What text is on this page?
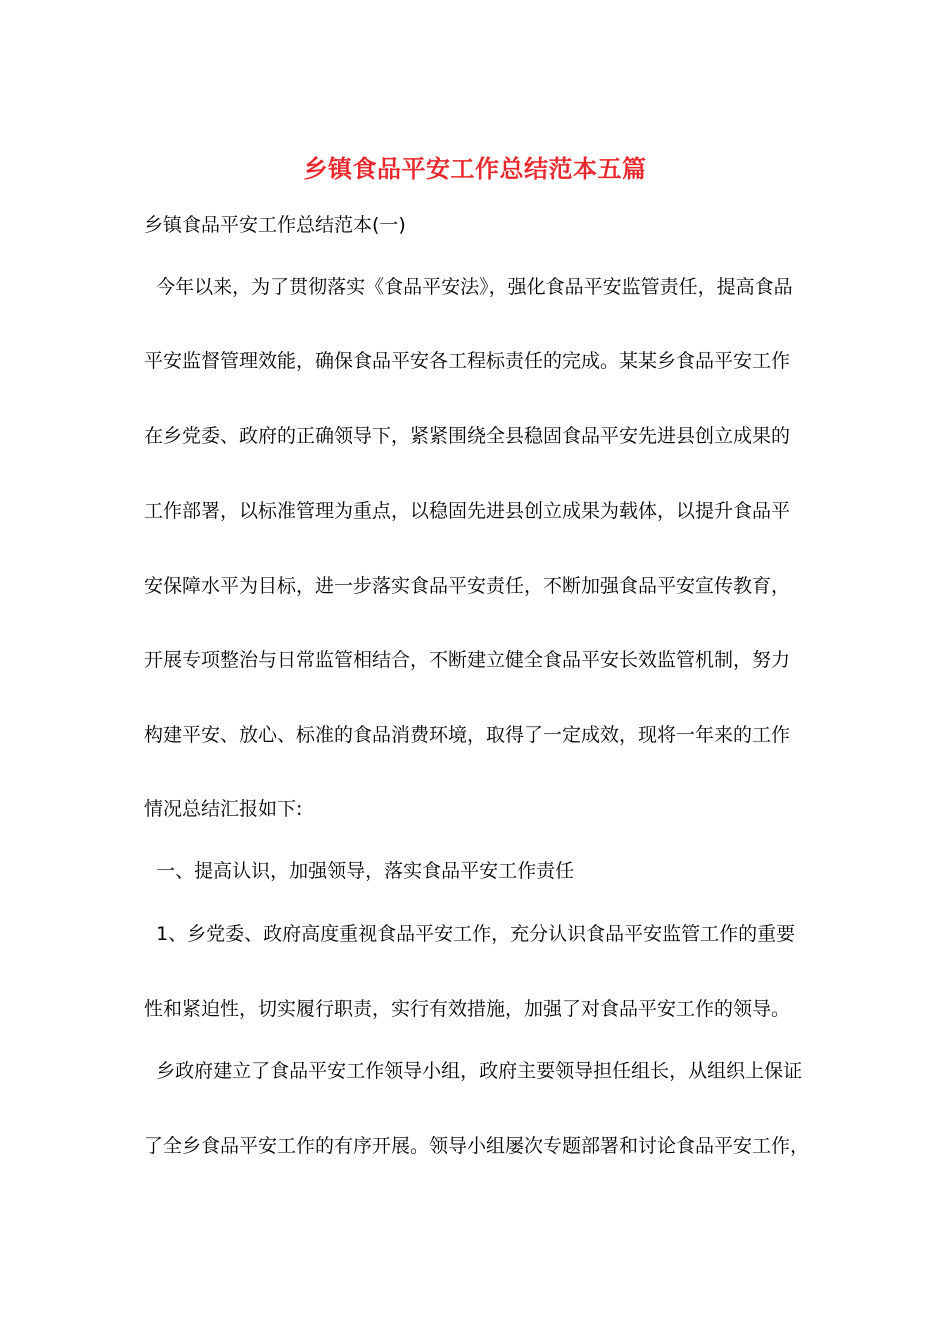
乡镇食品平安工作总结范本五篇
乡镇食品平安工作总结范本(一)
今年以来，为了贯彻落实《食品平安法》，强化食品平安监管责任，提高食品
平安监督管理效能，确保食品平安各工程标责任的完成。某某乡食品平安工作
在乡党委、政府的正确领导下，紧紧围绕全县稳固食品平安先进县创立成果的
工作部署，以标准管理为重点，以稳固先进县创立成果为载体，以提升食品平
安保障水平为目标，进一步落实食品平安责任，不断加强食品平安宣传教育，
开展专项整治与日常监管相结合，不断建立健全食品平安长效监管机制，努力
构建平安、放心、标准的食品消费环境，取得了一定成效，现将一年来的工作
情况总结汇报如下:
一、提高认识，加强领导，落实食品平安工作责任
1、乡党委、政府高度重视食品平安工作，充分认识食品平安监管工作的重要
性和紧迫性，切实履行职责，实行有效措施，加强了对食品平安工作的领导。
乡政府建立了食品平安工作领导小组，政府主要领导担任组长，从组织上保证
了全乡食品平安工作的有序开展。领导小组屡次专题部署和讨论食品平安工作，
